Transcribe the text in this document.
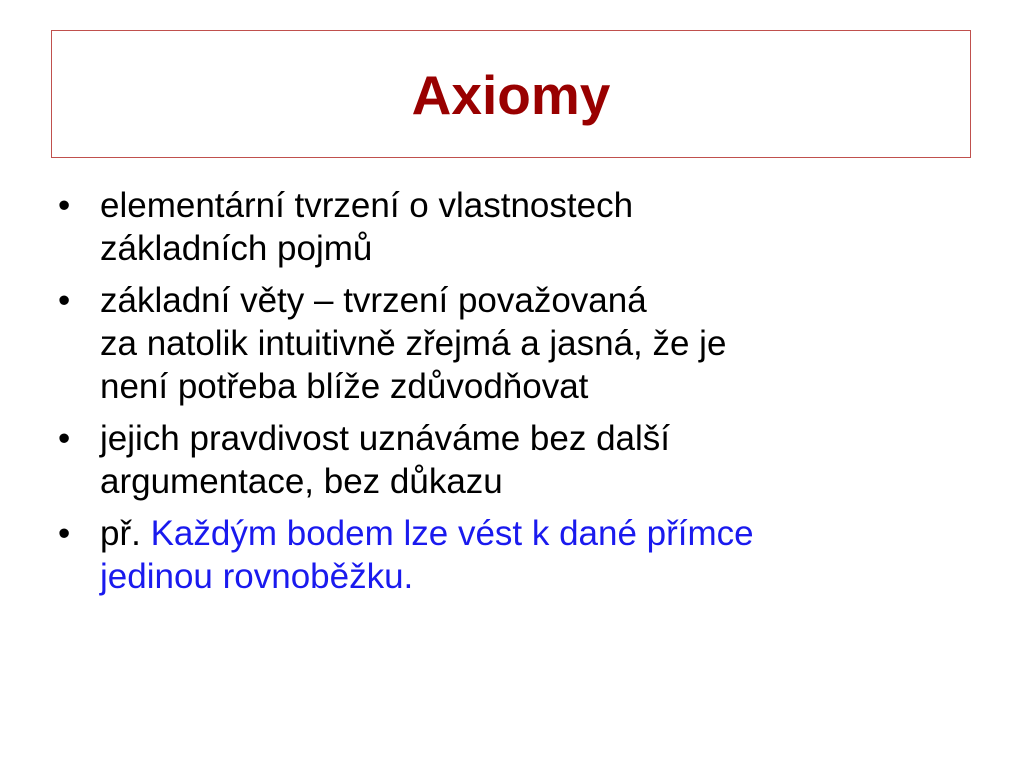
Axiomy
• elementární tvrzení o vlastnostech
základních pojmů
• základní věty – tvrzení považovaná
za natolik intuitivně zřejmá a jasná, že je
není potřeba blíže zdůvodňovat
• jejich pravdivost uznáváme bez další
argumentace, bez důkazu
• př. Každým bodem lze vést k dané přímce
jedinou rovnoběžku.
